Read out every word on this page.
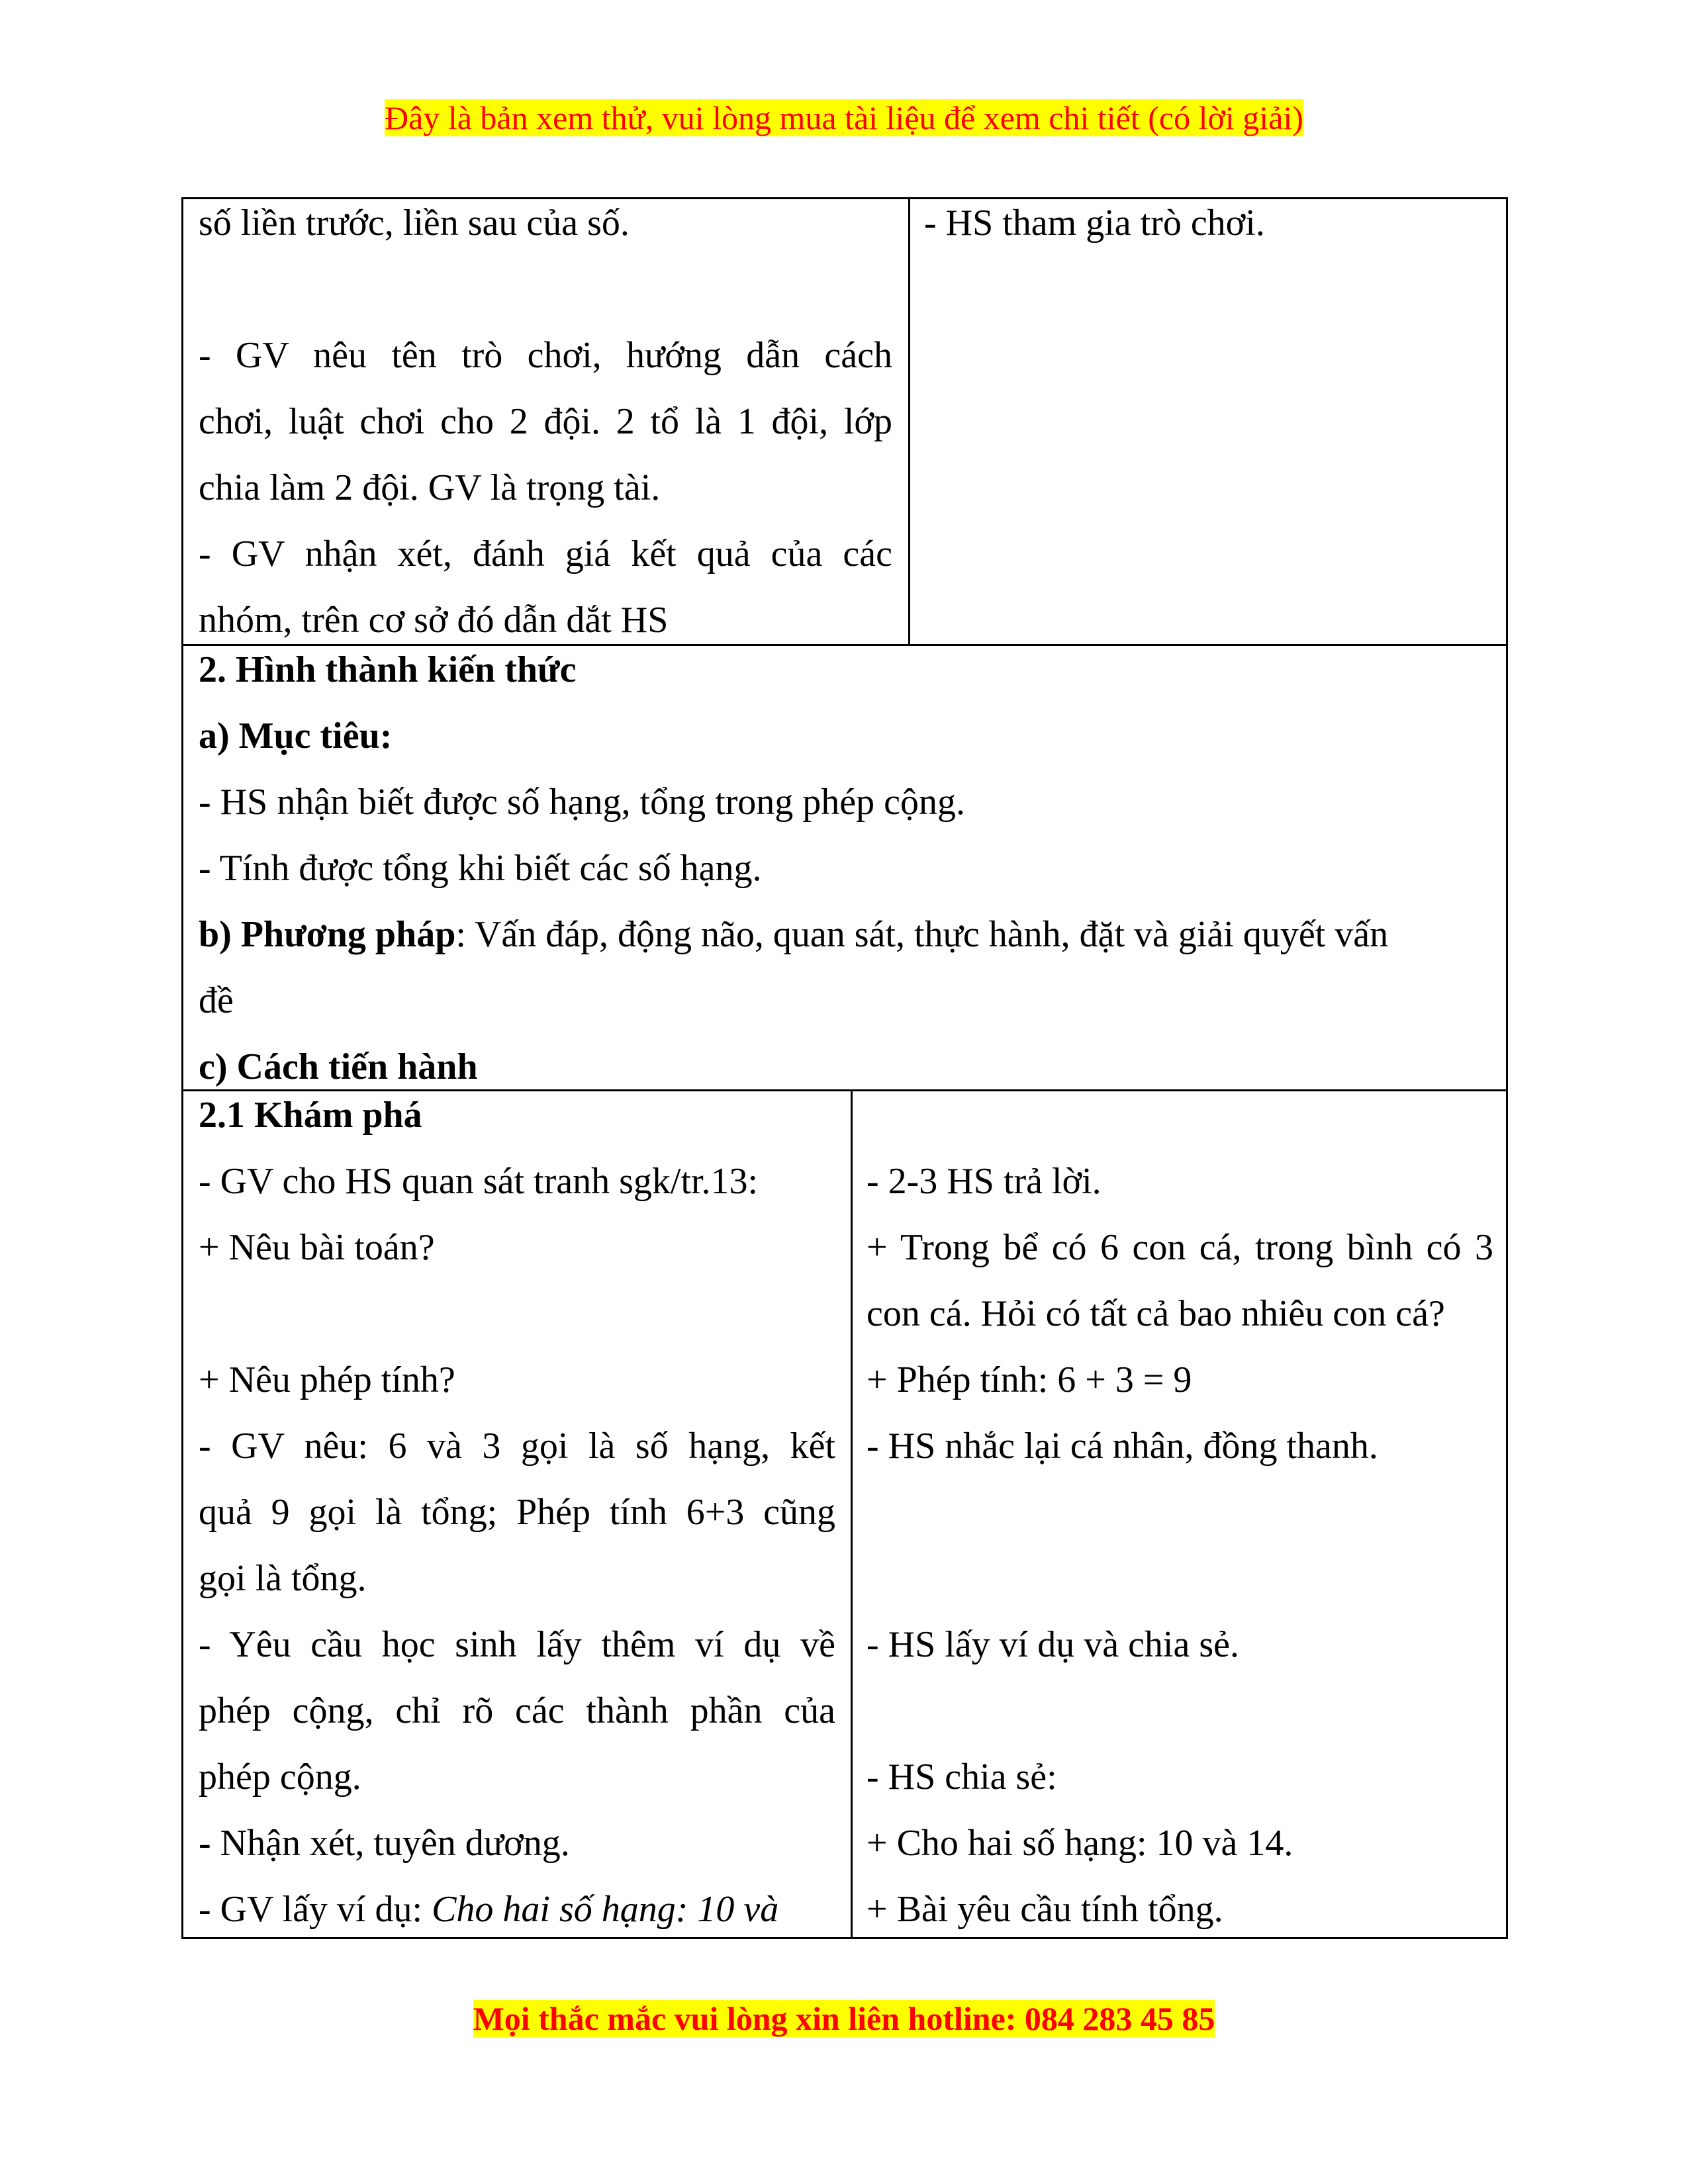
Đây là bản xem thử, vui lòng mua tài liệu để xem chi tiết (có lời giải)
Mọi thắc mắc vui lòng xin liên hotline: 084 283 45 85
số liền trước, liền sau của số.
- GV nêu tên trò chơi, hướng dẫn cách
chơi, luật chơi cho 2 đội. 2 tổ là 1 đội, lớp
chia làm 2 đội. GV là trọng tài.
- GV nhận xét, đánh giá kết quả của các
nhóm, trên cơ sở đó dẫn dắt HS
- HS tham gia trò chơi.
2. Hình thành kiến thức
a) Mục tiêu:
- HS nhận biết được số hạng, tổng trong phép cộng.
- Tính được tổng khi biết các số hạng.
b) Phương pháp: Vấn đáp, động não, quan sát, thực hành, đặt và giải quyết vấn
đề
c) Cách tiến hành
2.1 Khám phá
- GV cho HS quan sát tranh sgk/tr.13:
+ Nêu bài toán?
+ Nêu phép tính?
- GV nêu: 6 và 3 gọi là số hạng, kết
quả 9 gọi là tổng; Phép tính 6+3 cũng
gọi là tổng.
- Yêu cầu học sinh lấy thêm ví dụ về
phép cộng, chỉ rõ các thành phần của
phép cộng.
- Nhận xét, tuyên dương.
- GV lấy ví dụ: Cho hai số hạng: 10 và
- 2-3 HS trả lời.
+ Trong bể có 6 con cá, trong bình có 3
con cá. Hỏi có tất cả bao nhiêu con cá?
+ Phép tính: 6 + 3 = 9
- HS nhắc lại cá nhân, đồng thanh.
- HS lấy ví dụ và chia sẻ.
- HS chia sẻ:
+ Cho hai số hạng: 10 và 14.
+ Bài yêu cầu tính tổng.
